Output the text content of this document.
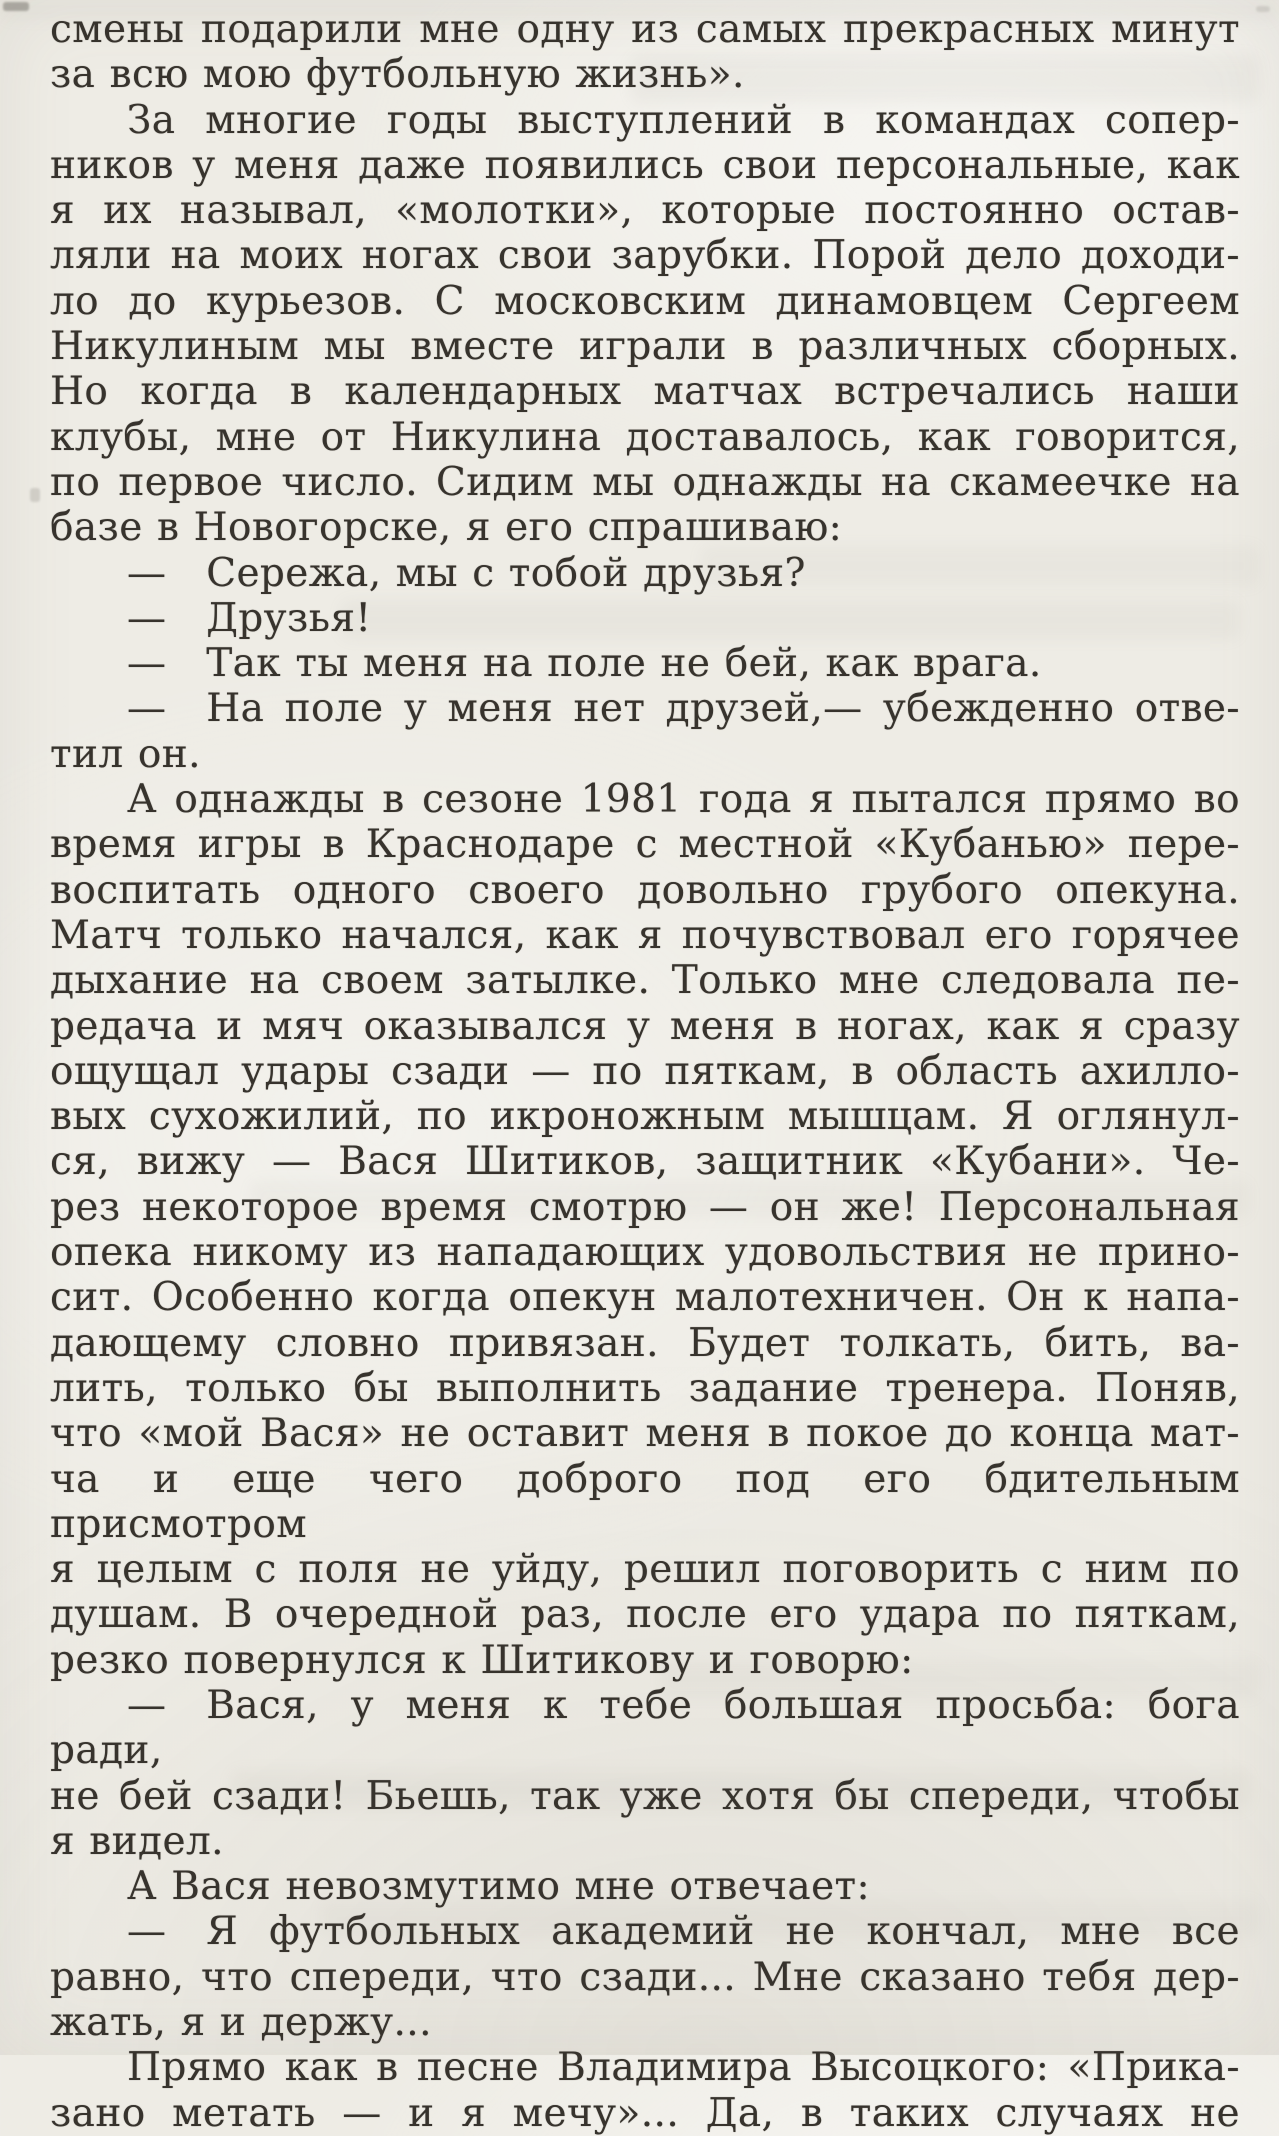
смены подарили мне одну из самых прекрасных минут
за всю мою футбольную жизнь».
За многие годы выступлений в командах сопер-
ников у меня даже появились свои персональные, как
я их называл, «молотки», которые постоянно остав-
ляли на моих ногах свои зарубки. Порой дело доходи-
ло до курьезов. С московским динамовцем Сергеем
Никулиным мы вместе играли в различных сборных.
Но когда в календарных матчах встречались наши
клубы, мне от Никулина доставалось, как говорится,
по первое число. Сидим мы однажды на скамеечке на
базе в Новогорске, я его спрашиваю:
—  Сережа, мы с тобой друзья?
—  Друзья!
—  Так ты меня на поле не бей, как врага.
—  На поле у меня нет друзей,— убежденно отве-
тил он.
А однажды в сезоне 1981 года я пытался прямо во
время игры в Краснодаре с местной «Кубанью» пере-
воспитать одного своего довольно грубого опекуна.
Матч только начался, как я почувствовал его горячее
дыхание на своем затылке. Только мне следовала пе-
редача и мяч оказывался у меня в ногах, как я сразу
ощущал удары сзади — по пяткам, в область ахилло-
вых сухожилий, по икроножным мышцам. Я оглянул-
ся, вижу — Вася Шитиков, защитник «Кубани». Че-
рез некоторое время смотрю — он же! Персональная
опека никому из нападающих удовольствия не прино-
сит. Особенно когда опекун малотехничен. Он к напа-
дающему словно привязан. Будет толкать, бить, ва-
лить, только бы выполнить задание тренера. Поняв,
что «мой Вася» не оставит меня в покое до конца мат-
ча и еще чего доброго под его бдительным присмотром
я целым с поля не уйду, решил поговорить с ним по
душам. В очередной раз, после его удара по пяткам,
резко повернулся к Шитикову и говорю:
—  Вася, у меня к тебе большая просьба: бога ради,
не бей сзади! Бьешь, так уже хотя бы спереди, чтобы
я видел.
А Вася невозмутимо мне отвечает:
—  Я футбольных академий не кончал, мне все
равно, что спереди, что сзади... Мне сказано тебя дер-
жать, я и держу...
Прямо как в песне Владимира Высоцкого: «Прика-
зано метать — и я мечу»... Да, в таких случаях не
